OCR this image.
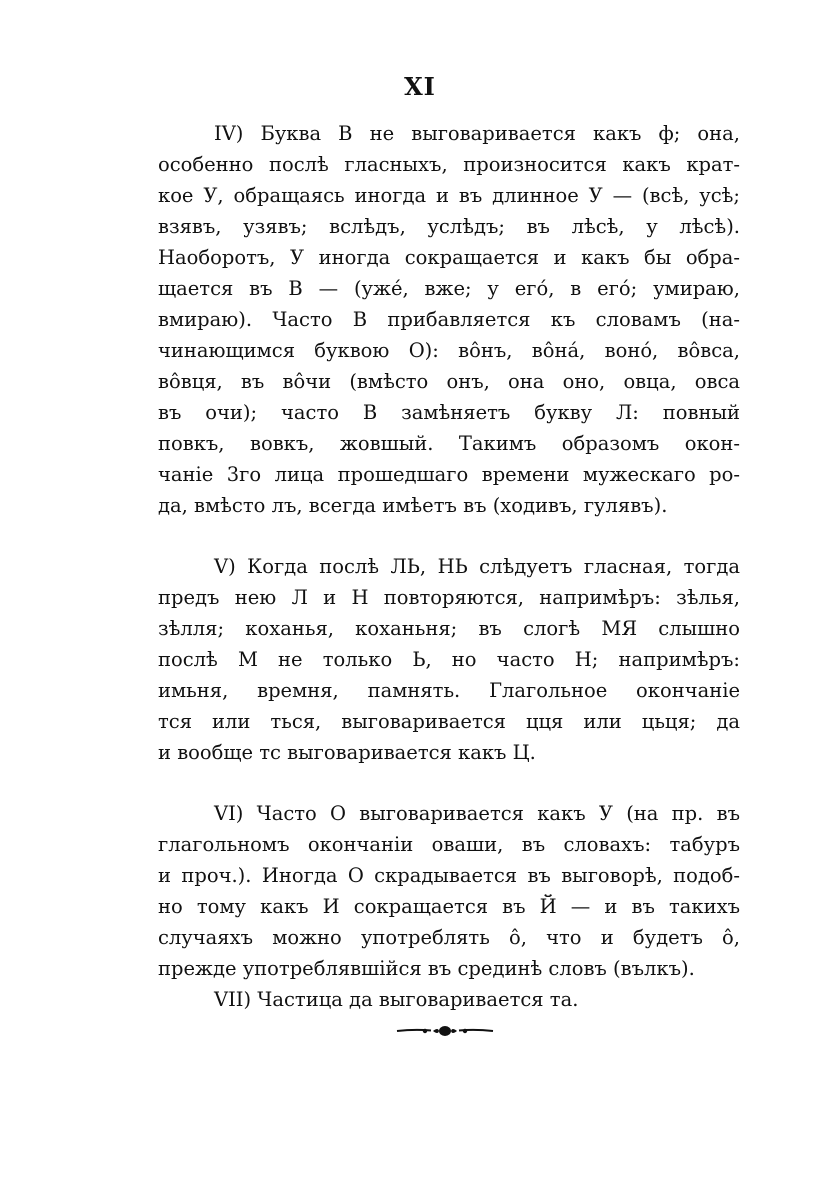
XI
IV) Буква В не выговаривается какъ ф; она,
особенно послѣ гласныхъ, произносится какъ крат-
кое У, обращаясь иногда и въ длинное У — (всѣ, усѣ;
взявъ, узявъ; вслѣдъ, услѣдъ; въ лѣсѣ, у лѣсѣ).
Наоборотъ, У иногда сокращается и какъ бы обра-
щается въ В — (уже́, вже; у его́, в его́; умираю,
вмираю). Часто В прибавляется къ словамъ (на-
чинающимся буквою О): во̂нъ, во̂на́, воно́, во̂вса,
во̂вця, въ во̂чи (вмѣсто онъ, она оно, овца, овса
въ очи); часто В замѣняетъ букву Л: повный
повкъ, вовкъ, жовшый. Такимъ образомъ окон-
чаніе 3го лица прошедшаго времени мужескаго ро-
да, вмѣсто лъ, всегда имѣетъ въ (ходивъ, гулявъ).
V) Когда послѣ ЛЬ, НЬ слѣдуетъ гласная, тогда
предъ нею Л и Н повторяются, напримѣръ: зѣлья,
зѣлля; коханья, коханьня; въ слогѣ МЯ слышно
послѣ М не только Ь, но часто Н; напримѣръ:
имьня, времня, памнять. Глагольное окончаніе
тся или ться, выговаривается цця или цьця; да
и вообще тс выговаривается какъ Ц.
VI) Часто О выговаривается какъ У (на пр. въ
глагольномъ окончаніи оваши, въ словахъ: табуръ
и проч.). Иногда О скрадывается въ выговорѣ, подоб-
но тому какъ И сокращается въ Й — и въ такихъ
случаяхъ можно употреблять о̂, что и будетъ о̂,
прежде употреблявшійся въ срединѣ словъ (вълкъ).
VII) Частица да выговаривается та.
